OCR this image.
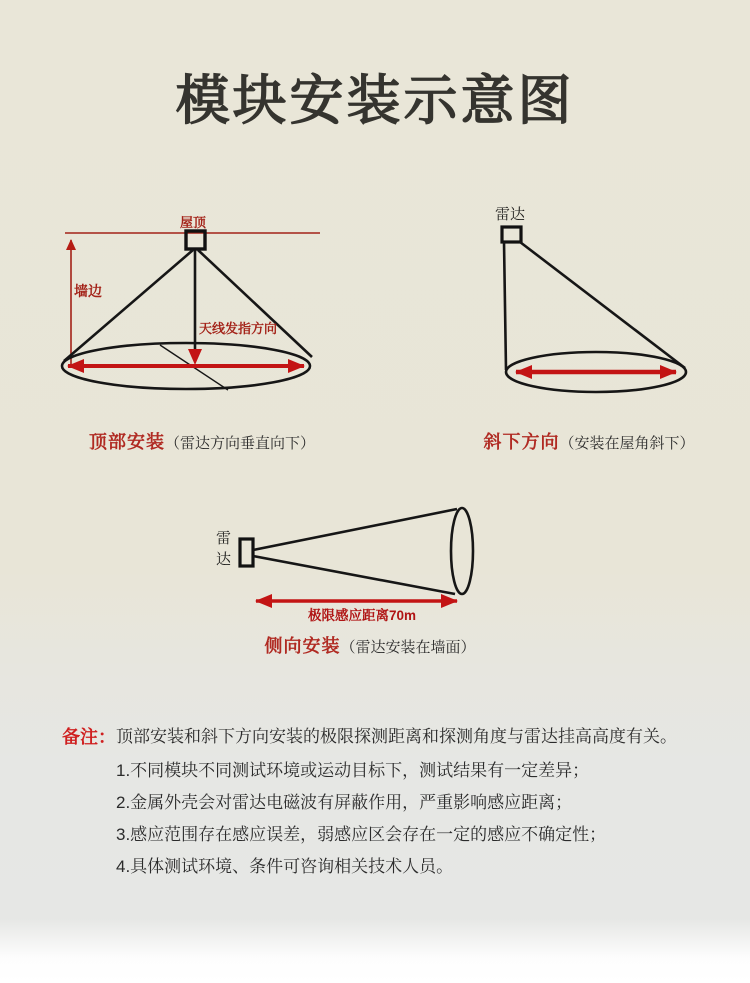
模块安装示意图
屋顶
墙边
天线发指方向
顶部安装 （雷达方向垂直向下）
雷达
斜下方向 （安装在屋角斜下）
雷达
极限感应距离70m
侧向安装 （雷达安装在墙面）
备注： 顶部安装和斜下方向安装的极限探测距离和探测角度与雷达挂高高度有关。
1.不同模块不同测试环境或运动目标下，测试结果有一定差异；
2.金属外壳会对雷达电磁波有屏蔽作用，严重影响感应距离；
3.感应范围存在感应误差，弱感应区会存在一定的感应不确定性；
4.具体测试环境、条件可咨询相关技术人员。
